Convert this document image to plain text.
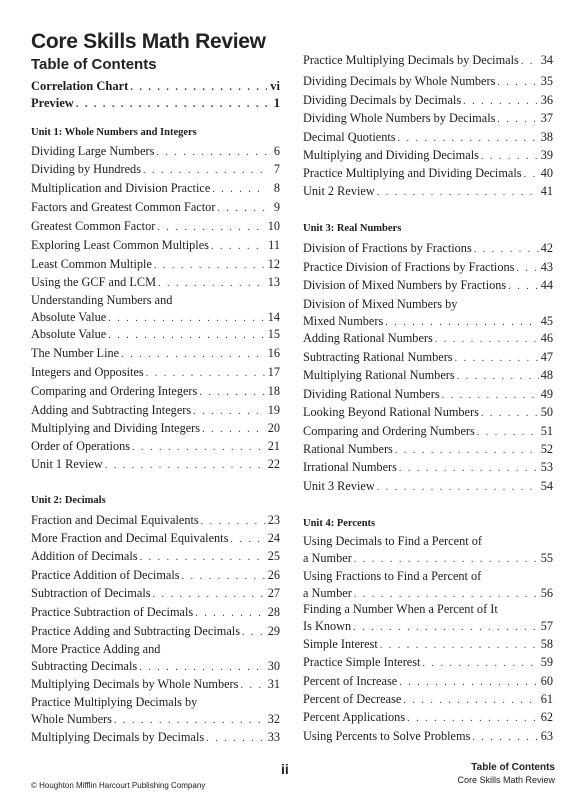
Core Skills Math Review
Table of Contents
Correlation Chart . . .	vi
Preview . . .	1
Unit 1: Whole Numbers and Integers
Dividing Large Numbers . . .	6
Dividing by Hundreds . . .	7
Multiplication and Division Practice . . .	8
Factors and Greatest Common Factor . . .	9
Greatest Common Factor . . .	10
Exploring Least Common Multiples . . .	11
Least Common Multiple . . .	12
Using the GCF and LCM . . .	13
Understanding Numbers and
Absolute Value . . .	14
Absolute Value . . .	15
The Number Line . . .	16
Integers and Opposites . . .	17
Comparing and Ordering Integers . . .	18
Adding and Subtracting Integers . . .	19
Multiplying and Dividing Integers . . .	20
Order of Operations . . .	21
Unit 1 Review . . .	22
Unit 2: Decimals
Fraction and Decimal Equivalents . . .	23
More Fraction and Decimal Equivalents . . .	24
Addition of Decimals . . .	25
Practice Addition of Decimals . . .	26
Subtraction of Decimals . . .	27
Practice Subtraction of Decimals . . .	28
Practice Adding and Subtracting Decimals . . . 29
More Practice Adding and
Subtracting Decimals . . .	30
Multiplying Decimals by Whole Numbers . . . 31
Practice Multiplying Decimals by
Whole Numbers . . .	32
Multiplying Decimals by Decimals . . .	33
Practice Multiplying Decimals by Decimals . . . 34
Dividing Decimals by Whole Numbers . . .	35
Dividing Decimals by Decimals . . .	36
Dividing Whole Numbers by Decimals . . .	37
Decimal Quotients . . .	38
Multiplying and Dividing Decimals . . .	39
Practice Multiplying and Dividing Decimals . . . 40
Unit 2 Review . . .	41
Unit 3: Real Numbers
Division of Fractions by Fractions . . .	42
Practice Division of Fractions by Fractions . . . 43
Division of Mixed Numbers by Fractions . . .	44
Division of Mixed Numbers by
Mixed Numbers . . .	45
Adding Rational Numbers . . .	46
Subtracting Rational Numbers . . .	47
Multiplying Rational Numbers . . .	48
Dividing Rational Numbers . . .	49
Looking Beyond Rational Numbers . . .	50
Comparing and Ordering Numbers . . .	51
Rational Numbers . . .	52
Irrational Numbers . . .	53
Unit 3 Review . . .	54
Unit 4: Percents
Using Decimals to Find a Percent of
a Number . . .	55
Using Fractions to Find a Percent of
a Number . . .	56
Finding a Number When a Percent of It
Is Known . . .	57
Simple Interest . . .	58
Practice Simple Interest . . .	59
Percent of Increase . . .	60
Percent of Decrease . . .	61
Percent Applications . . .	62
Using Percents to Solve Problems . . .	63
© Houghton Mifflin Harcourt Publishing Company
ii	Table of Contents
Core Skills Math Review
